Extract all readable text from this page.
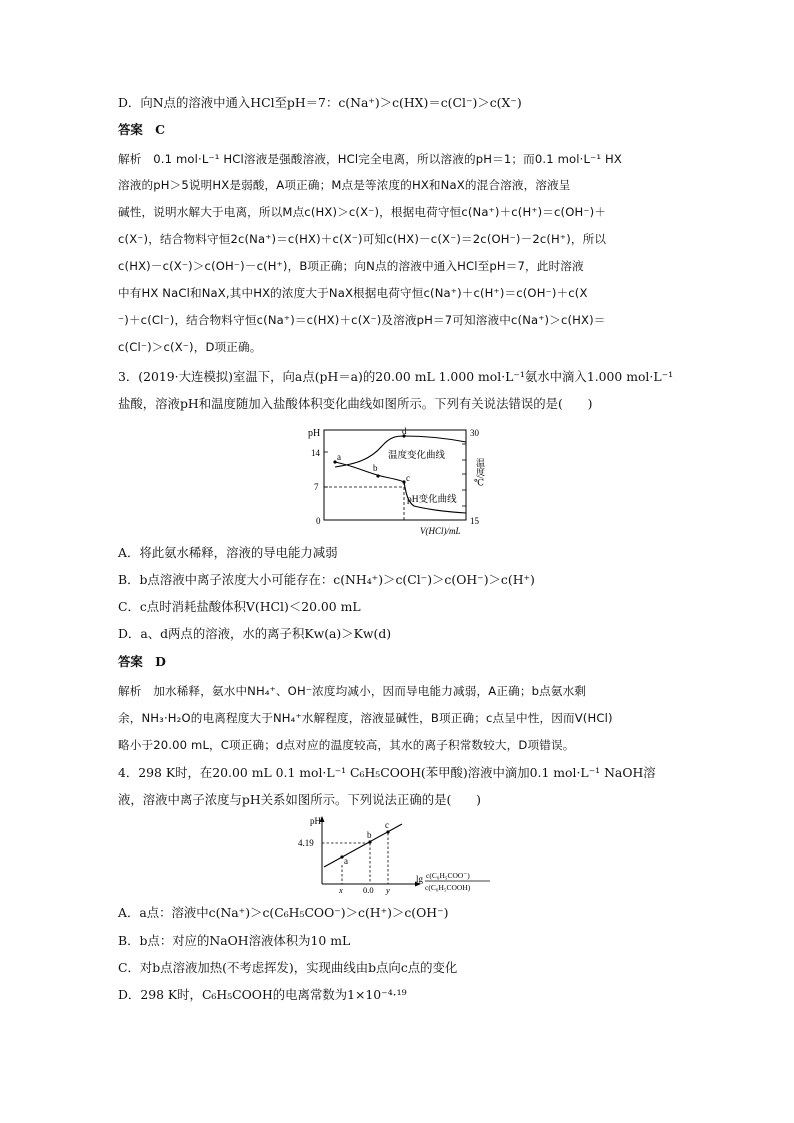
D．向N点的溶液中通入HCl至pH＝7：c(Na⁺)＞c(HX)＝c(Cl⁻)＞c(X⁻)
答案　C
解析　0.1 mol·L⁻¹ HCl溶液是强酸溶液，HCl完全电离，所以溶液的pH＝1；而0.1 mol·L⁻¹ HX
溶液的pH＞5说明HX是弱酸，A项正确；M点是等浓度的HX和NaX的混合溶液，溶液呈
碱性，说明水解大于电离，所以M点c(HX)＞c(X⁻)，根据电荷守恒c(Na⁺)＋c(H⁺)＝c(OH⁻)＋
c(X⁻)，结合物料守恒2c(Na⁺)＝c(HX)＋c(X⁻)可知c(HX)－c(X⁻)＝2c(OH⁻)－2c(H⁺)，所以
c(HX)－c(X⁻)＞c(OH⁻)－c(H⁺)，B项正确；向N点的溶液中通入HCl至pH＝7，此时溶液
中有HX NaCl和NaX,其中HX的浓度大于NaX根据电荷守恒c(Na⁺)＋c(H⁺)＝c(OH⁻)＋c(X
⁻)＋c(Cl⁻)，结合物料守恒c(Na⁺)＝c(HX)＋c(X⁻)及溶液pH＝7可知溶液中c(Na⁺)＞c(HX)＝
c(Cl⁻)＞c(X⁻)，D项正确。
3．(2019·大连模拟)室温下，向a点(pH＝a)的20.00 mL 1.000 mol·L⁻¹氨水中滴入1.000 mol·L⁻¹
盐酸，溶液pH和温度随加入盐酸体积变化曲线如图所示。下列有关说法错误的是(　　)
A．将此氨水稀释，溶液的导电能力减弱
B．b点溶液中离子浓度大小可能存在：c(NH₄⁺)＞c(Cl⁻)＞c(OH⁻)＞c(H⁺)
C．c点时消耗盐酸体积V(HCl)＜20.00 mL
D．a、d两点的溶液，水的离子积Kw(a)＞Kw(d)
答案　D
解析　加水稀释，氨水中NH₄⁺、OH⁻浓度均减小，因而导电能力减弱，A正确；b点氨水剩
余，NH₃·H₂O的电离程度大于NH₄⁺水解程度，溶液显碱性，B项正确；c点呈中性，因而V(HCl)
略小于20.00 mL，C项正确；d点对应的温度较高，其水的离子积常数较大，D项错误。
4．298 K时，在20.00 mL 0.1 mol·L⁻¹ C₆H₅COOH(苯甲酸)溶液中滴加0.1 mol·L⁻¹ NaOH溶
液，溶液中离子浓度与pH关系如图所示。下列说法正确的是(　　)
A．a点：溶液中c(Na⁺)＞c(C₆H₅COO⁻)＞c(H⁺)＞c(OH⁻)
B．b点：对应的NaOH溶液体积为10 mL
C．对b点溶液加热(不考虑挥发)，实现曲线由b点向c点的变化
D．298 K时，C₆H₅COOH的电离常数为1×10⁻⁴·¹⁹
pH
14
7
0
30
15
温度/℃
V(HCl)/mL
a
b
c
d
温度变化曲线
pH变化曲线
pH
4.19
a
b
c
x 0.0 y
lg c(C₆H₅COO⁻)
c(C₆H₅COOH)
